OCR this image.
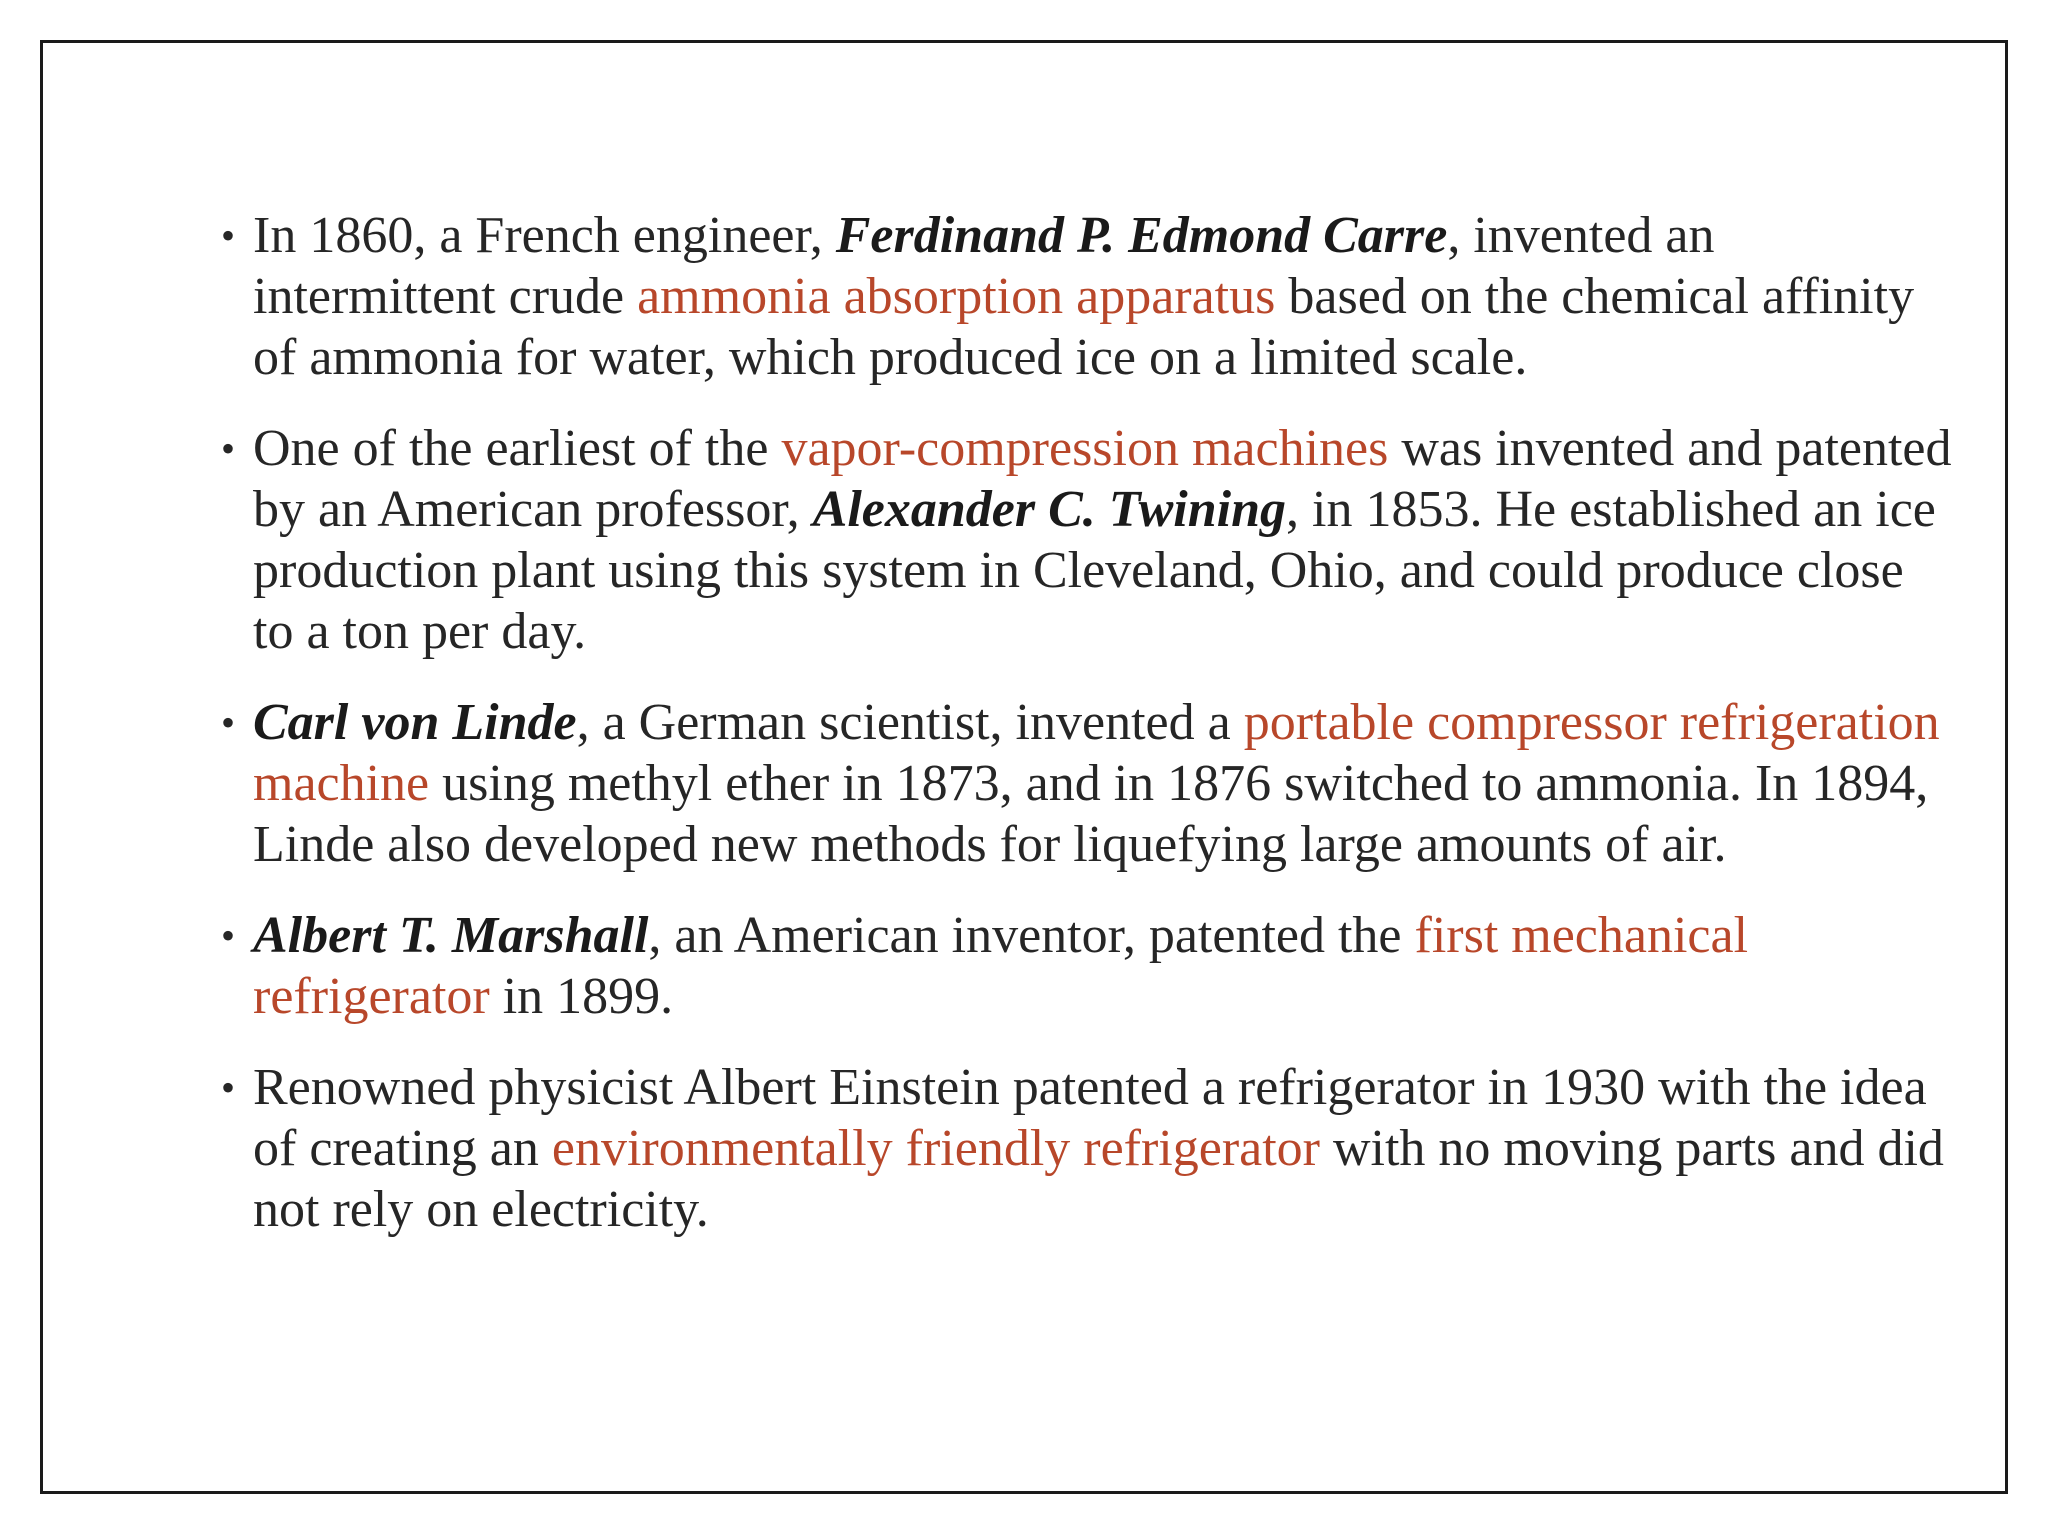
• In 1860, a French engineer, Ferdinand P. Edmond Carre, invented an intermittent crude ammonia absorption apparatus based on the chemical affinity of ammonia for water, which produced ice on a limited scale.
• One of the earliest of the vapor-compression machines was invented and patented by an American professor, Alexander C. Twining, in 1853. He established an ice production plant using this system in Cleveland, Ohio, and could produce close to a ton per day.
• Carl von Linde, a German scientist, invented a portable compressor refrigeration machine using methyl ether in 1873, and in 1876 switched to ammonia. In 1894, Linde also developed new methods for liquefying large amounts of air.
• Albert T. Marshall, an American inventor, patented the first mechanical refrigerator in 1899.
• Renowned physicist Albert Einstein patented a refrigerator in 1930 with the idea of creating an environmentally friendly refrigerator with no moving parts and did not rely on electricity.
